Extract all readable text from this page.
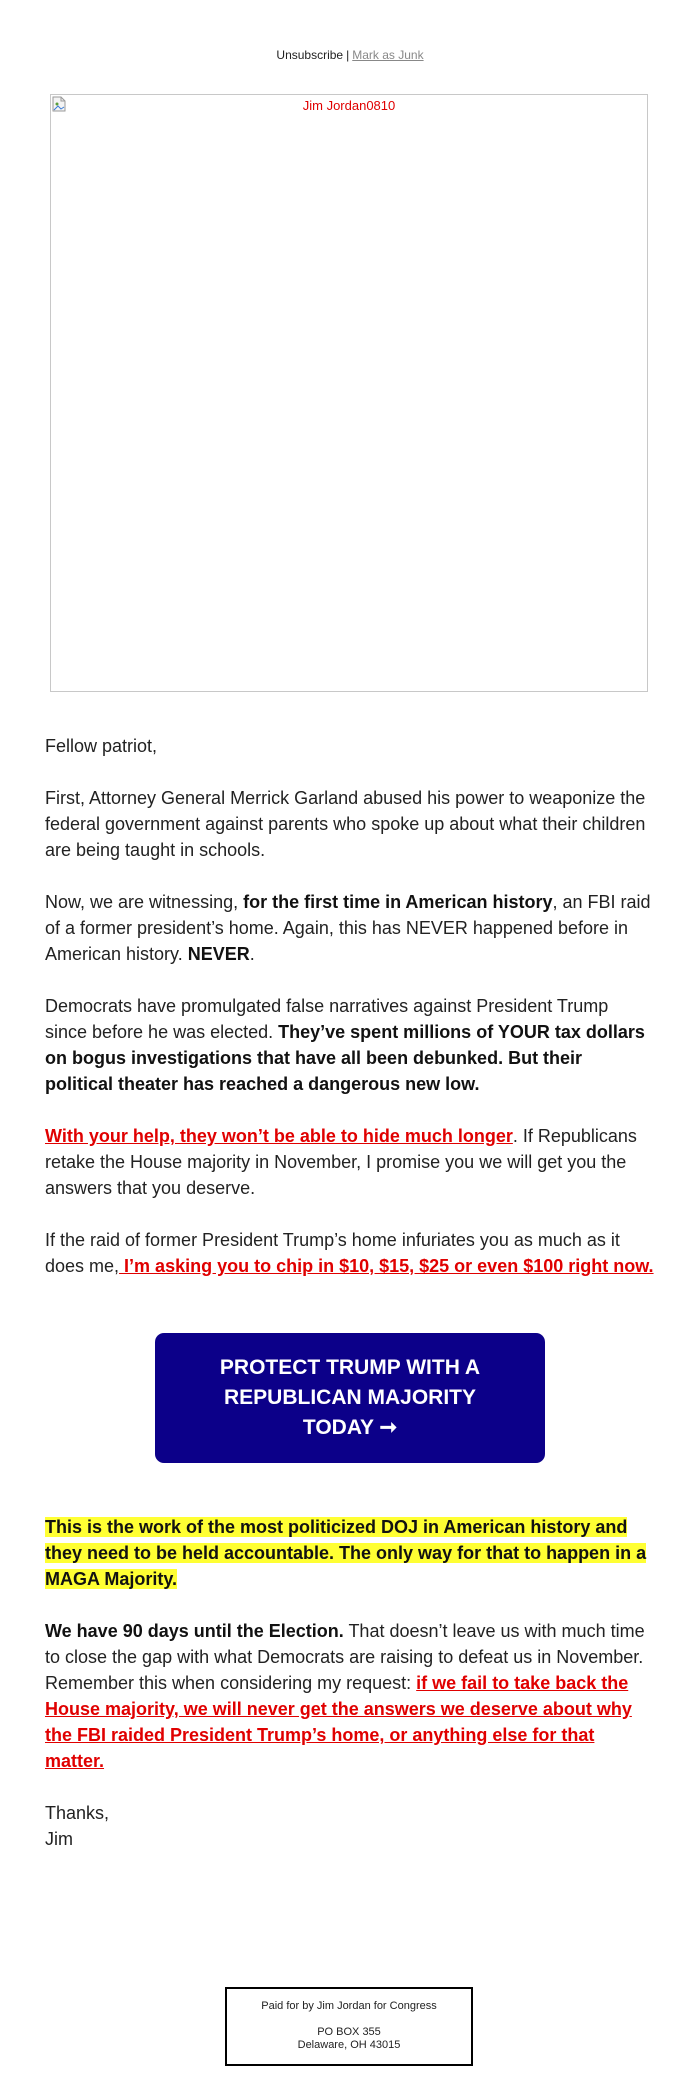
Unsubscribe | Mark as Junk
Jim Jordan0810

Fellow patriot,

First, Attorney General Merrick Garland abused his power to weaponize the federal government against parents who spoke up about what their children are being taught in schools.

Now, we are witnessing, for the first time in American history, an FBI raid of a former president’s home. Again, this has NEVER happened before in American history. NEVER.

Democrats have promulgated false narratives against President Trump since before he was elected. They’ve spent millions of YOUR tax dollars on bogus investigations that have all been debunked. But their political theater has reached a dangerous new low.

With your help, they won’t be able to hide much longer. If Republicans retake the House majority in November, I promise you we will get you the answers that you deserve.

If the raid of former President Trump’s home infuriates you as much as it does me, I’m asking you to chip in $10, $15, $25 or even $100 right now.

PROTECT TRUMP WITH A REPUBLICAN MAJORITY TODAY ➞

This is the work of the most politicized DOJ in American history and they need to be held accountable. The only way for that to happen in a MAGA Majority.

We have 90 days until the Election. That doesn’t leave us with much time to close the gap with what Democrats are raising to defeat us in November. Remember this when considering my request: if we fail to take back the House majority, we will never get the answers we deserve about why the FBI raided President Trump’s home, or anything else for that matter.

Thanks,
Jim

Paid for by Jim Jordan for Congress
PO BOX 355
Delaware, OH 43015
